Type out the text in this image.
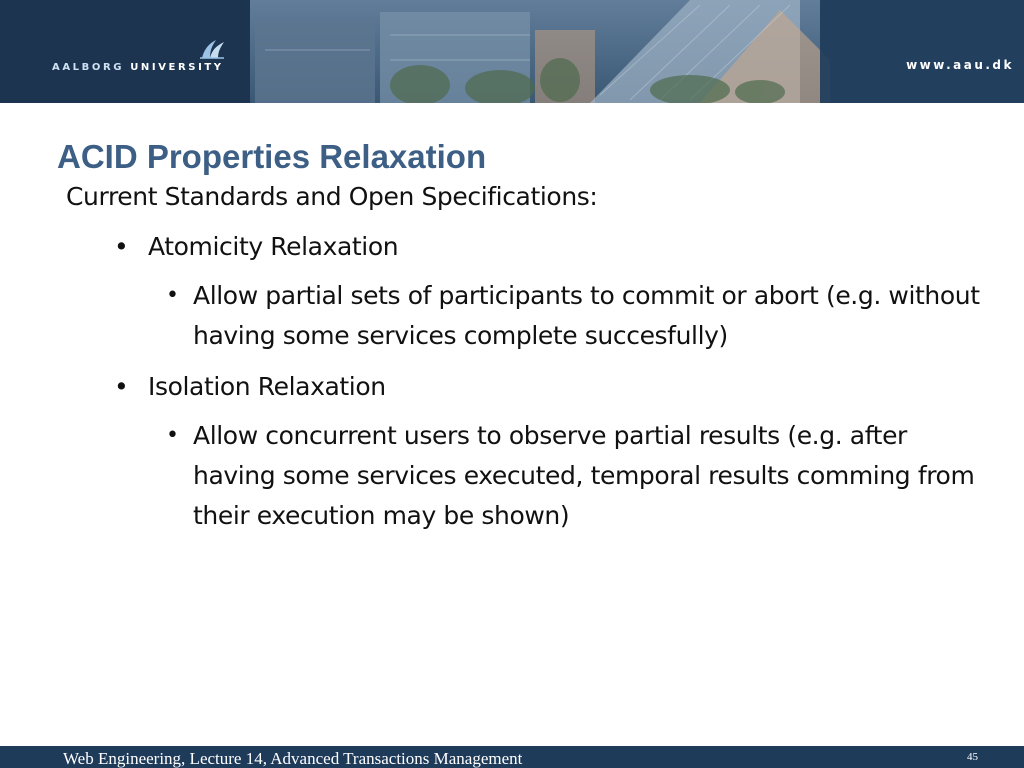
AALBORG UNIVERSITY	www.aau.dk
ACID Properties Relaxation

Current Standards and Open Specifications:

• Atomicity Relaxation
• Allow partial sets of participants to commit or abort (e.g. without having some services complete succesfully)
• Isolation Relaxation
• Allow concurrent users to observe partial results (e.g. after having some services executed, temporal results comming from their execution may be shown)
Web Engineering, Lecture 14, Advanced Transactions Management	45
